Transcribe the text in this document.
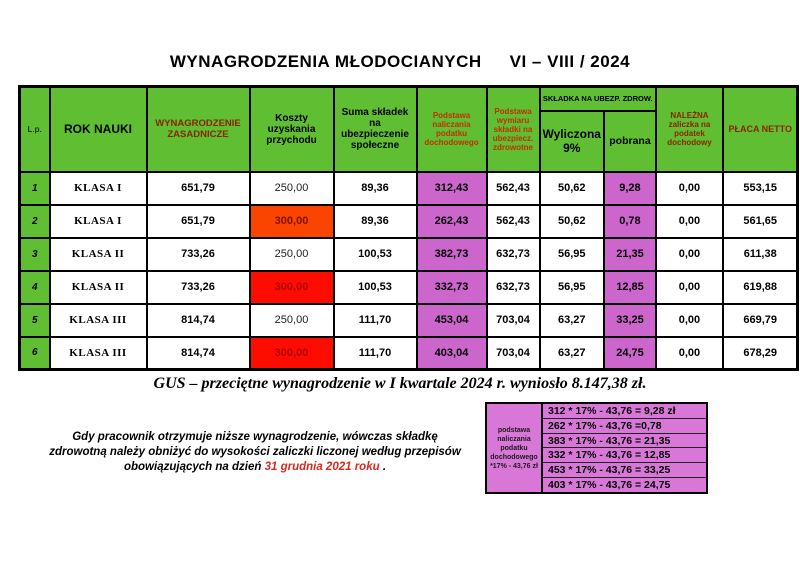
WYNAGRODZENIA MŁODOCIANYCH VI – VIII / 2024
L.p.	ROK NAUKI	WYNAGRODZENIE ZASADNICZE	Koszty uzyskania przychodu	Suma składek na ubezpieczenie społeczne	Podstawa naliczania podatku dochodowego	Podstawa wymiaru składki na ubezpiecz. zdrowotne	SKŁADKA NA UBEZP. ZDROW.		NALEŻNA zaliczka na podatek dochodowy	PŁACA NETTO
							Wyliczona 9%	pobrana		
1	KLASA I	651,79	250,00	89,36	312,43	562,43	50,62	9,28	0,00	553,15
2	KLASA I	651,79	300,00	89,36	262,43	562,43	50,62	0,78	0,00	561,65
3	KLASA II	733,26	250,00	100,53	382,73	632,73	56,95	21,35	0,00	611,38
4	KLASA II	733,26	300,00	100,53	332,73	632,73	56,95	12,85	0,00	619,88
5	KLASA III	814,74	250,00	111,70	453,04	703,04	63,27	33,25	0,00	669,79
6	KLASA III	814,74	300,00	111,70	403,04	703,04	63,27	24,75	0,00	678,29
GUS – przeciętne wynagrodzenie w I kwartale 2024 r. wyniosło 8.147,38 zł.
Gdy pracownik otrzymuje niższe wynagrodzenie, wówczas składkę
zdrowotną należy obniżyć do wysokości zaliczki liczonej według przepisów
obowiązujących na dzień 31 grudnia 2021 roku .
podstawa naliczania podatku dochodowego *17% - 43,76 zł
312 * 17% - 43,76 = 9,28 zł
262 * 17% - 43,76 =0,78
383 * 17% - 43,76 = 21,35
332 * 17% - 43,76 = 12,85
453 * 17% - 43,76 = 33,25
403 * 17% - 43,76 = 24,75
